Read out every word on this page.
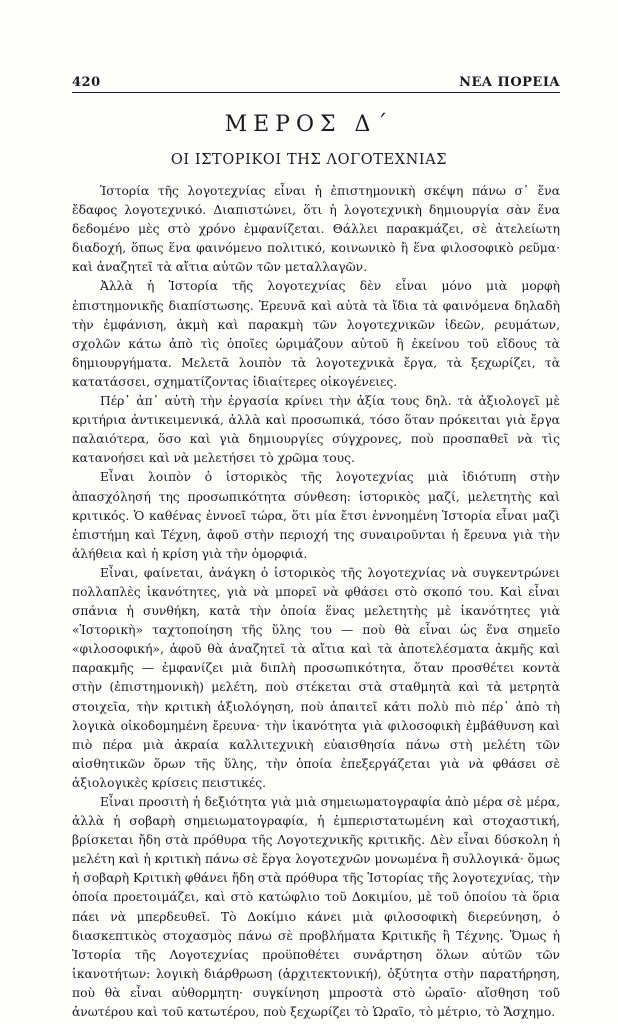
420	ΝΕΑ ΠΟΡΕΙΑ
ΜΕΡΟΣ Δ΄
ΟΙ ΙΣΤΟΡΙΚΟΙ ΤΗΣ ΛΟΓΟΤΕΧΝΙΑΣ

Ἱστορία τῆς λογοτεχνίας εἶναι ἡ ἐπιστημονικὴ σκέψη πάνω σ᾽ ἕνα ἔδαφος λογοτεχνικό. Διαπιστώνει, ὅτι ἡ λογοτεχνικὴ δημιουργία σὰν ἕνα δεδομένο μὲς στὸ χρόνο ἐμφανίζεται. Θάλλει παρακμάζει, σὲ ἀτελείωτη διαδοχή, ὅπως ἕνα φαινόμενο πολιτικό, κοινωνικὸ ἢ ἕνα φιλοσοφικὸ ρεῦμα· καὶ ἀναζητεῖ τὰ αἴτια αὐτῶν τῶν μεταλλαγῶν.

Ἀλλὰ ἡ Ἱστορία τῆς λογοτεχνίας δὲν εἶναι μόνο μιὰ μορφὴ ἐπιστημονικῆς διαπίστωσης. Ἐρευνᾶ καὶ αὐτὰ τὰ ἴδια τὰ φαινόμενα δηλαδὴ τὴν ἐμφάνιση, ἀκμὴ καὶ παρακμὴ τῶν λογοτεχνικῶν ἰδεῶν, ρευμάτων, σχολῶν κάτω ἀπὸ τὶς ὁποῖες ὡριμάζουν αὐτοῦ ἢ ἐκείνου τοῦ εἴδους τὰ δημιουργήματα. Μελετᾶ λοιπὸν τὰ λογοτεχνικὰ ἔργα, τὰ ξεχωρίζει, τὰ κατατάσσει, σχηματίζοντας ἰδιαίτερες οἰκογένειες.

Πέρ᾽ ἀπ᾽ αὐτὴ τὴν ἐργασία κρίνει τὴν ἀξία τους δηλ. τὰ ἀξιολογεῖ μὲ κριτήρια ἀντικειμενικά, ἀλλὰ καὶ προσωπικά, τόσο ὅταν πρόκειται γιὰ ἔργα παλαιότερα, ὅσο καὶ γιὰ δημιουργίες σύγχρονες, ποὺ προσπαθεῖ νὰ τὶς κατανοήσει καὶ νὰ μελετήσει τὸ χρῶμα τους.

Εἶναι λοιπὸν ὁ ἱστορικὸς τῆς λογοτεχνίας μιὰ ἰδιότυπη στὴν ἀπασχόλησή της προσωπικότητα σύνθεση: ἱστορικὸς μαζί, μελετητὴς καὶ κριτικός. Ὁ καθένας ἐννοεῖ τώρα, ὅτι μία ἔτσι ἐννοημένη Ἱστορία εἶναι μαζὶ ἐπιστήμη καὶ Τέχνη, ἀφοῦ στὴν περιοχή της συναιροῦνται ἡ ἔρευνα γιὰ τὴν ἀλήθεια καὶ ἡ κρίση γιὰ τὴν ὀμορφιά.

Εἶναι, φαίνεται, ἀνάγκη ὁ ἱστορικὸς τῆς λογοτεχνίας νὰ συγκεντρώνει πολλαπλὲς ἱκανότητες, γιὰ νὰ μπορεῖ νὰ φθάσει στὸ σκοπό του. Καὶ εἶναι σπάνια ἡ συνθήκη, κατὰ τὴν ὁποία ἕνας μελετητὴς μὲ ἱκανότητες γιὰ «Ἱστορικὴ» ταχτοποίηση τῆς ὕλης του — ποὺ θὰ εἶναι ὡς ἕνα σημεῖο «φιλοσοφική», ἀφοῦ θὰ ἀναζητεῖ τὰ αἴτια καὶ τὰ ἀποτελέσματα ἀκμῆς καὶ παρακμῆς — ἐμφανίζει μιὰ διπλὴ προσωπικότητα, ὅταν προσθέτει κοντὰ στὴν (ἐπιστημονικὴ) μελέτη, ποὺ στέκεται στὰ σταθμητὰ καὶ τὰ μετρητὰ στοιχεῖα, τὴν κριτικὴ ἀξιολόγηση, ποὺ ἀπαιτεῖ κάτι πολὺ πιὸ πέρ᾽ ἀπὸ τὴ λογικὰ οἰκοδομημένη ἔρευνα· τὴν ἱκανότητα γιὰ φιλοσοφικὴ ἐμβάθυνση καὶ πιὸ πέρα μιὰ ἀκραία καλλιτεχνικὴ εὐαισθησία πάνω στὴ μελέτη τῶν αἰσθητικῶν ὅρων τῆς ὕλης, τὴν ὁποία ἐπεξεργάζεται γιὰ νὰ φθάσει σὲ ἀξιολογικὲς κρίσεις πειστικές.

Εἶναι προσιτὴ ἡ δεξιότητα γιὰ μιὰ σημειωματογραφία ἀπὸ μέρα σὲ μέρα, ἀλλὰ ἡ σοβαρὴ σημειωματογραφία, ἡ ἐμπεριστατωμένη καὶ στοχαστική, βρίσκεται ἤδη στὰ πρόθυρα τῆς Λογοτεχνικῆς κριτικῆς. Δὲν εἶναι δύσκολη ἡ μελέτη καὶ ἡ κριτικὴ πάνω σὲ ἔργα λογοτεχνῶν μονωμένα ἢ συλλογικά· ὅμως ἡ σοβαρὴ Κριτικὴ φθάνει ἤδη στὰ πρόθυρα τῆς Ἱστορίας τῆς λογοτεχνίας, τὴν ὁποία προετοιμάζει, καὶ στὸ κατώφλιο τοῦ Δοκιμίου, μὲ τοῦ ὁποίου τὰ ὅρια πάει νὰ μπερδευθεῖ. Τὸ Δοκίμιο κάνει μιὰ φιλοσοφικὴ διερεύνηση, ὁ διασκεπτικὸς στοχασμὸς πάνω σὲ προβλήματα Κριτικῆς ἢ Τέχνης. Ὅμως ἡ Ἱστορία τῆς Λογοτεχνίας προϋποθέτει συνάρτηση ὅλων αὐτῶν τῶν ἱκανοτήτων: λογικὴ διάρθρωση (ἀρχιτεκτονική), ὀξύτητα στὴν παρατήρηση, ποὺ θὰ εἶναι αὐθορμητη· συγκίνηση μπροστὰ στὸ ὡραῖο· αἴσθηση τοῦ ἀνωτέρου καὶ τοῦ κατωτέρου, ποὺ ξεχωρίζει τὸ Ὡραῖο, τὸ μέτριο, τὸ Ἄσχημο.
